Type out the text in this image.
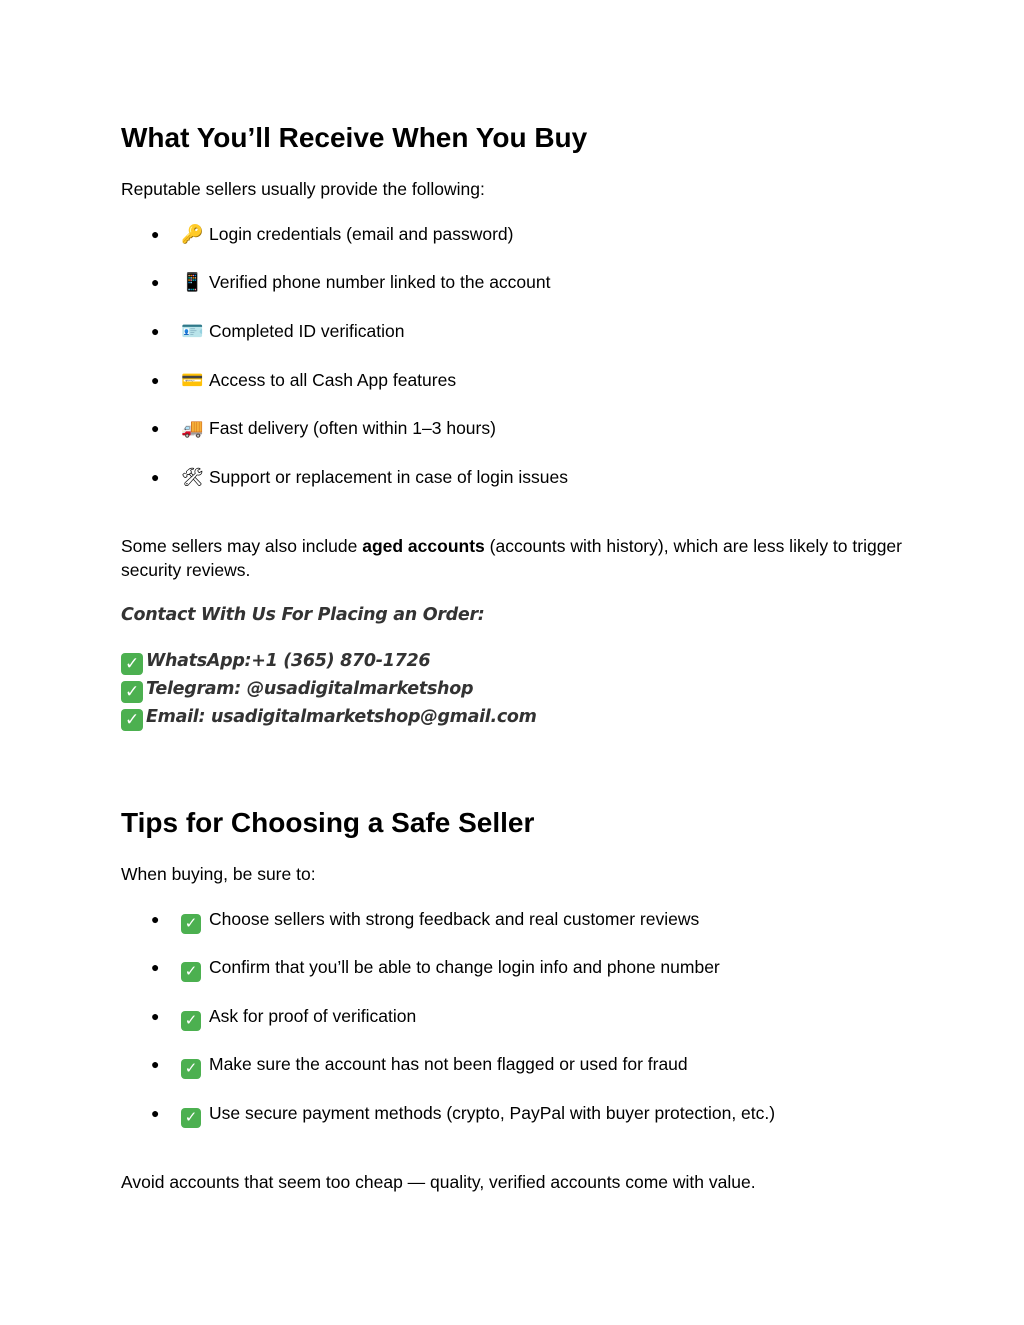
What You’ll Receive When You Buy

Reputable sellers usually provide the following:

● 🔑 Login credentials (email and password)
● 📱 Verified phone number linked to the account
● 🪪 Completed ID verification
● 💳 Access to all Cash App features
● 🚚 Fast delivery (often within 1–3 hours)
● 🛠 Support or replacement in case of login issues

Some sellers may also include aged accounts (accounts with history), which are less likely to trigger security reviews.

Contact With Us For Placing an Order:

✓ WhatsApp:+1 (365) 870-1726
✓ Telegram: @usadigitalmarketshop
✓ Email: usadigitalmarketshop@gmail.com
Tips for Choosing a Safe Seller

When buying, be sure to:

● ✓ Choose sellers with strong feedback and real customer reviews
● ✓ Confirm that you’ll be able to change login info and phone number
● ✓ Ask for proof of verification
● ✓ Make sure the account has not been flagged or used for fraud
● ✓ Use secure payment methods (crypto, PayPal with buyer protection, etc.)

Avoid accounts that seem too cheap — quality, verified accounts come with value.
